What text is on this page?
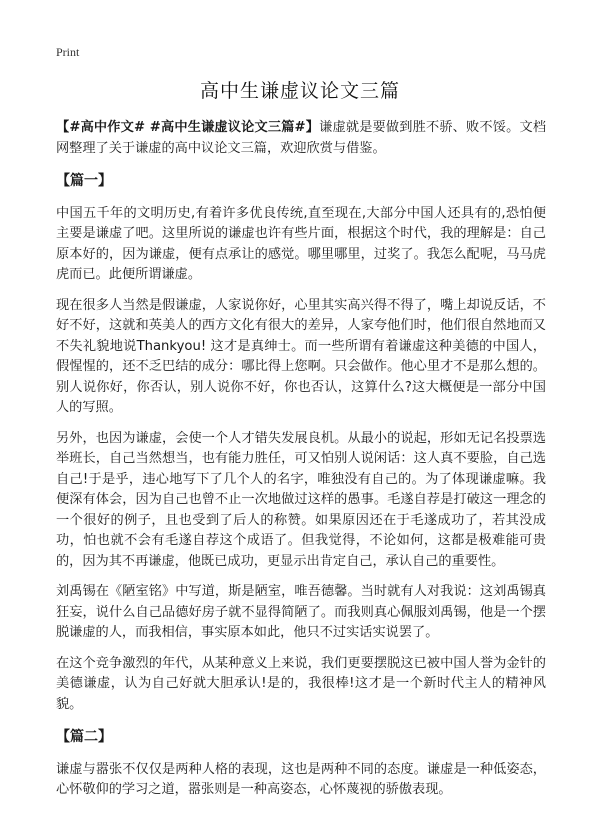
Print
高中生谦虚议论文三篇

【#高中作文# #高中生谦虚议论文三篇#】谦虚就是要做到胜不骄、败不馁。文档网整理了关于谦虚的高中议论文三篇，欢迎欣赏与借鉴。

【篇一】

中国五千年的文明历史,有着许多优良传统,直至现在,大部分中国人还具有的,恐怕便主要是谦虚了吧。这里所说的谦虚也许有些片面，根据这个时代，我的理解是：自己原本好的，因为谦虚，便有点承让的感觉。哪里哪里，过奖了。我怎么配呢，马马虎虎而已。此便所谓谦虚。

现在很多人当然是假谦虚，人家说你好，心里其实高兴得不得了，嘴上却说反话，不好不好，这就和英美人的西方文化有很大的差异，人家夸他们时，他们很自然地而又不失礼貌地说Thankyou! 这才是真绅士。而一些所谓有着谦虚这种美德的中国人，假惺惺的，还不乏巴结的成分：哪比得上您啊。只会做作。他心里才不是那么想的。别人说你好，你否认，别人说你不好，你也否认，这算什么?这大概便是一部分中国人的写照。

另外，也因为谦虚，会使一个人才错失发展良机。从最小的说起，形如无记名投票选举班长，自己当然想当，也有能力胜任，可又怕别人说闲话：这人真不要脸，自己选自己!于是乎，违心地写下了几个人的名字，唯独没有自己的。为了体现谦虚嘛。我便深有体会，因为自己也曾不止一次地做过这样的愚事。毛遂自荐是打破这一理念的一个很好的例子，且也受到了后人的称赞。如果原因还在于毛遂成功了，若其没成功，怕也就不会有毛遂自荐这个成语了。但我觉得，不论如何，这都是极难能可贵的，因为其不再谦虚，他既已成功，更显示出肯定自己，承认自己的重要性。

刘禹锡在《陋室铭》中写道，斯是陋室，唯吾德馨。当时就有人对我说：这刘禹锡真狂妄，说什么自己品德好房子就不显得简陋了。而我则真心佩服刘禹锡，他是一个摆脱谦虚的人，而我相信，事实原本如此，他只不过实话实说罢了。

在这个竞争激烈的年代，从某种意义上来说，我们更要摆脱这已被中国人誉为金针的美德谦虚，认为自己好就大胆承认!是的，我很棒!这才是一个新时代主人的精神风貌。

【篇二】

谦虚与嚣张不仅仅是两种人格的表现，这也是两种不同的态度。谦虚是一种低姿态，心怀敬仰的学习之道，嚣张则是一种高姿态，心怀蔑视的骄傲表现。
